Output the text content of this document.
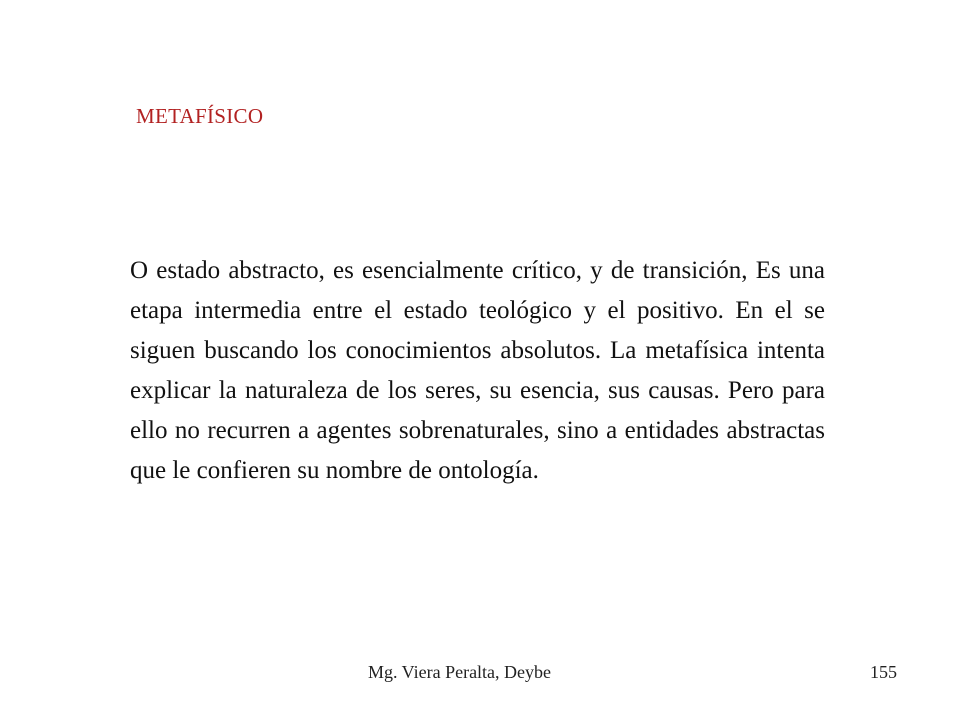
METAFÍSICO
O estado abstracto, es esencialmente crítico, y de transición, Es una etapa intermedia entre el estado teológico y el positivo. En el se siguen buscando los conocimientos absolutos. La metafísica intenta explicar la naturaleza de los seres, su esencia, sus causas. Pero para ello no recurren a agentes sobrenaturales, sino a entidades abstractas que le confieren su nombre de ontología.
Mg. Viera Peralta, Deybe	155
